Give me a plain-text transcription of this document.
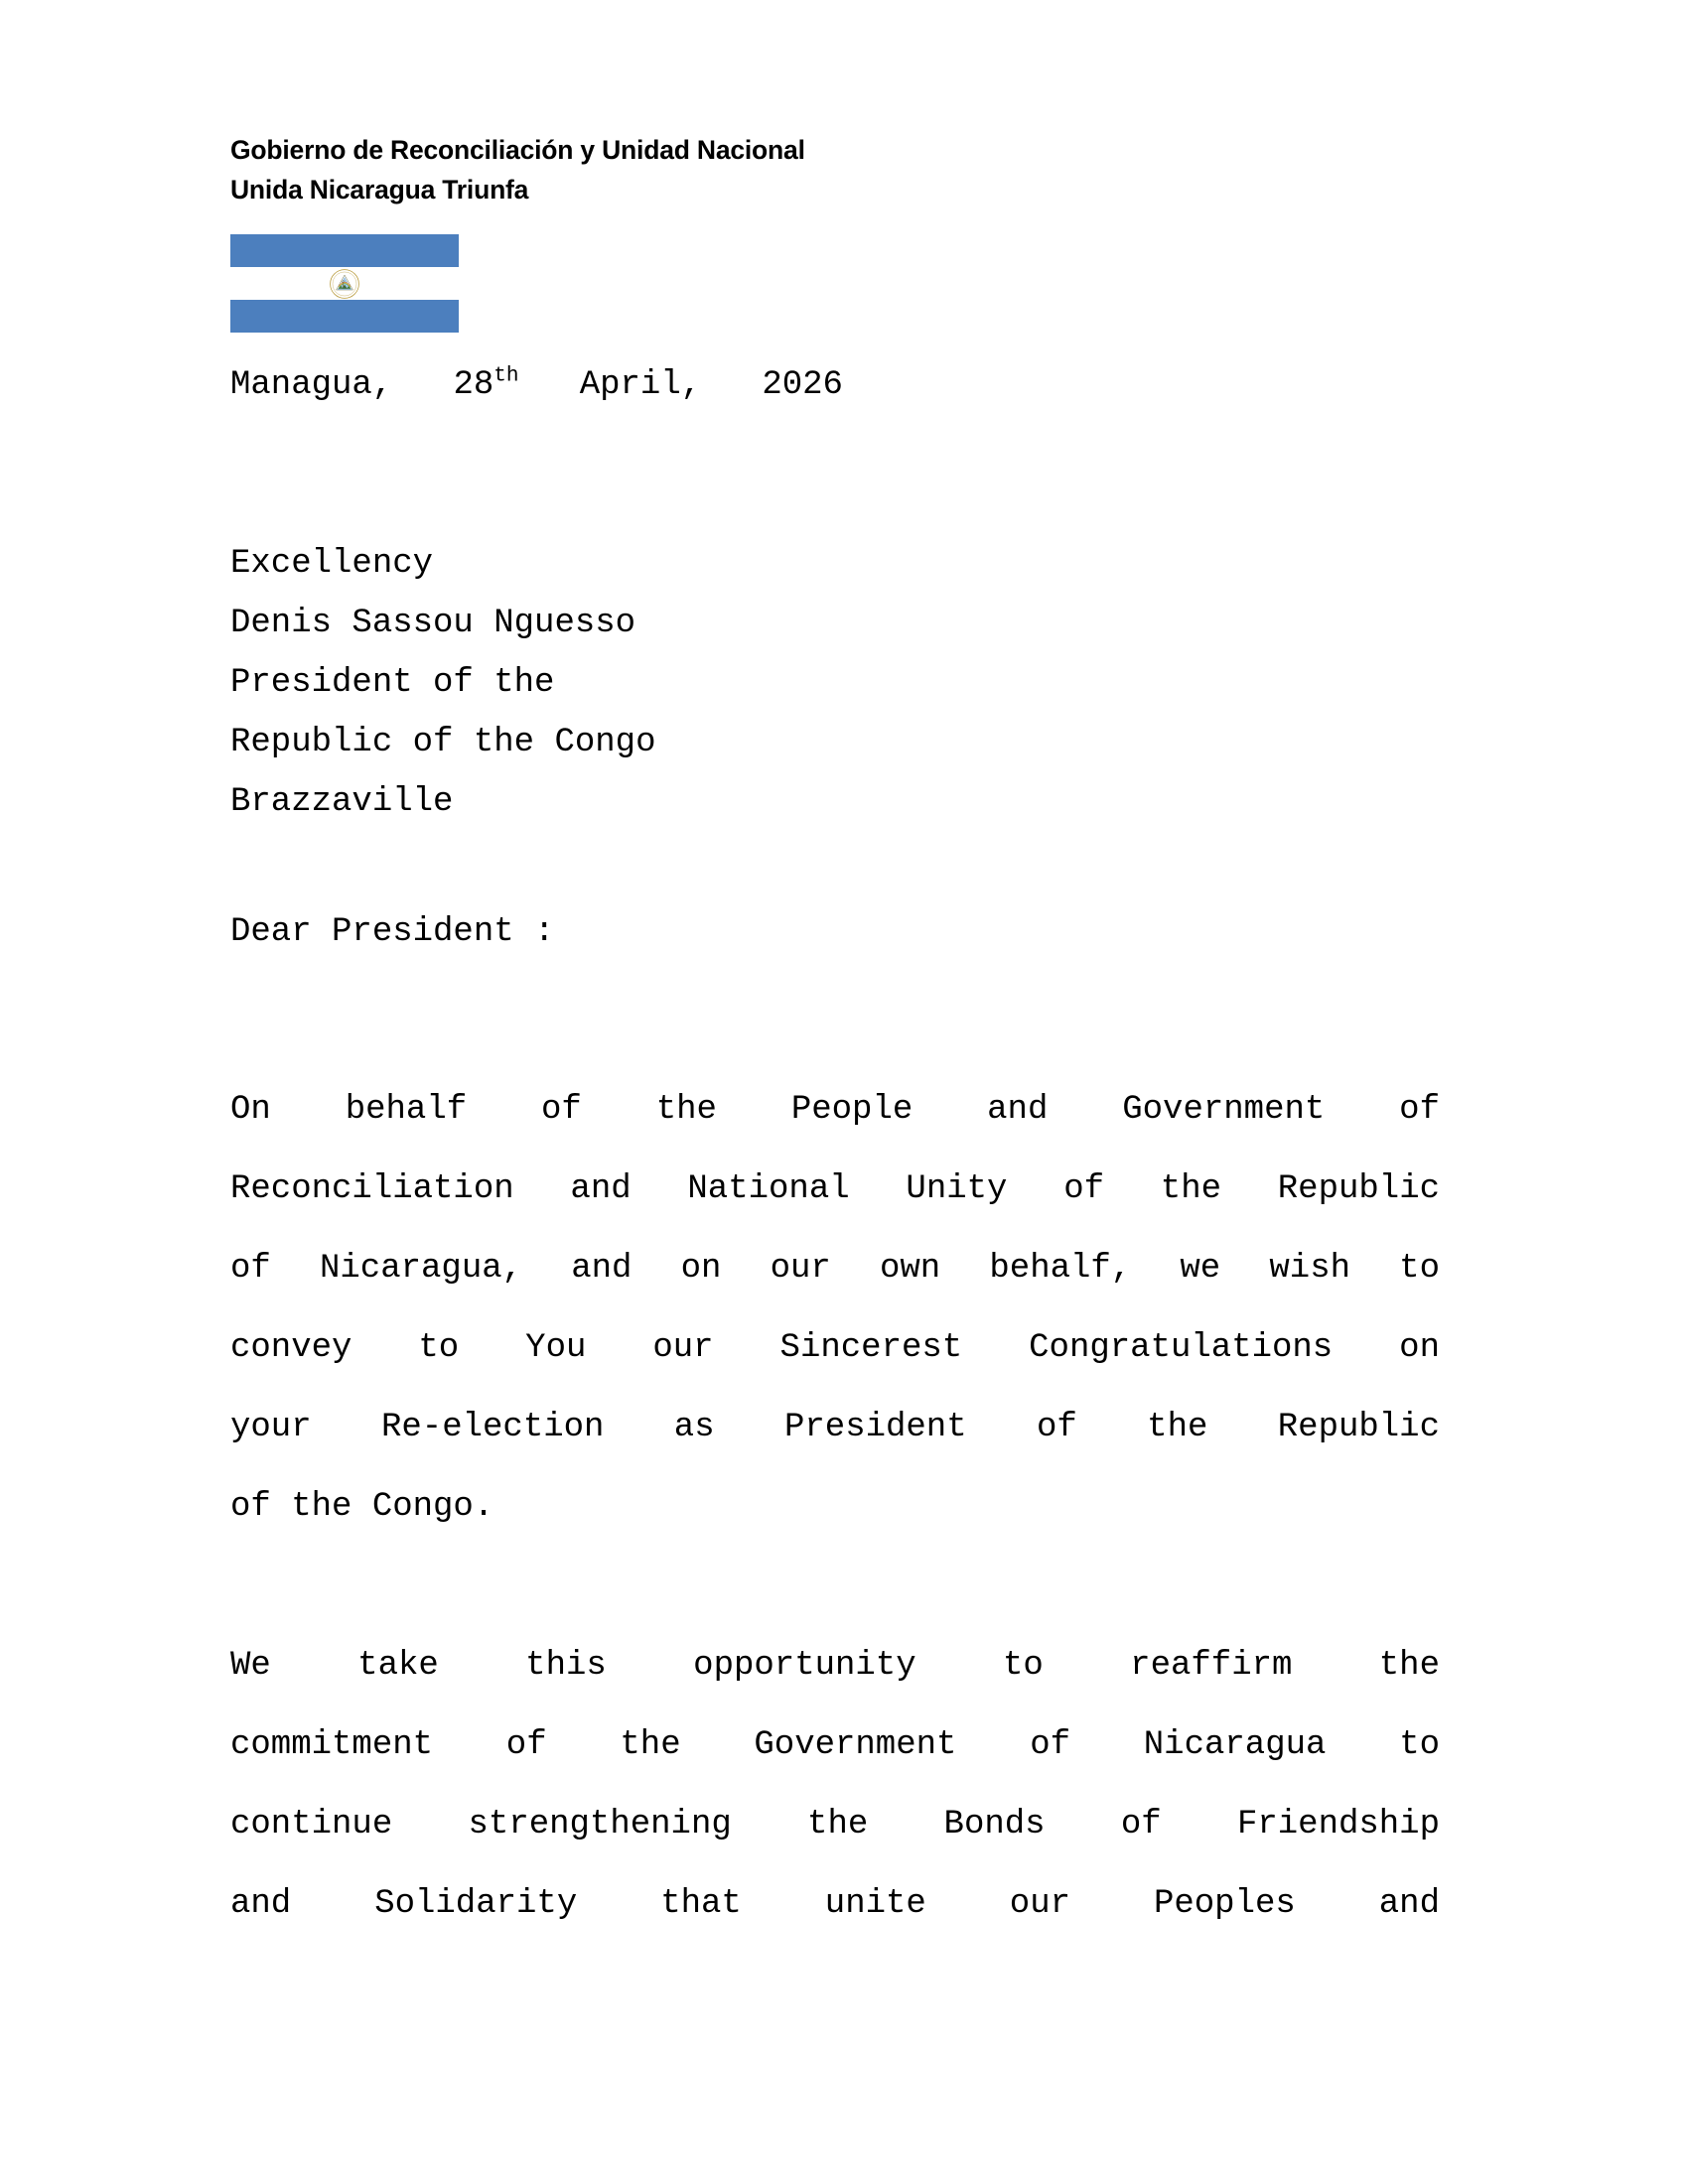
Gobierno de Reconciliación y Unidad Nacional
Unida Nicaragua Triunfa
Managua, 28th April, 2026
Excellency
Denis Sassou Nguesso
President of the
Republic of the Congo
Brazzaville
Dear President :
On behalf of the People and Government of
Reconciliation and National Unity of the Republic
of Nicaragua, and on our own behalf, we wish to
convey to You our Sincerest Congratulations on
your Re-election as President of the Republic
of the Congo.
We take this opportunity to reaffirm the
commitment of the Government of Nicaragua to
continue strengthening the Bonds of Friendship
and Solidarity that unite our Peoples and
